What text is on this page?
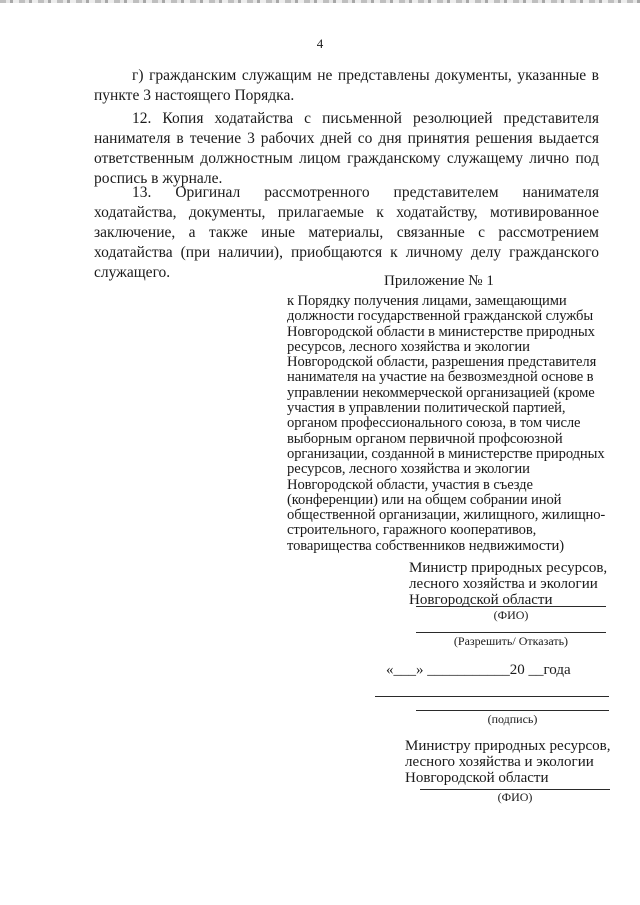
4

г) гражданским служащим не представлены документы, указанные в пункте 3 настоящего Порядка.

12. Копия ходатайства с письменной резолюцией представителя нанимателя в течение 3 рабочих дней со дня принятия решения выдается ответственным должностным лицом гражданскому служащему лично под роспись в журнале.

13. Оригинал рассмотренного представителем нанимателя ходатайства, документы, прилагаемые к ходатайству, мотивированное заключение, а также иные материалы, связанные с рассмотрением ходатайства (при наличии), приобщаются к личному делу гражданского служащего.	Приложение № 1
к Порядку получения лицами, замещающими должности государственной гражданской службы Новгородской области в министерстве природных ресурсов, лесного хозяйства и экологии Новгородской области, разрешения представителя нанимателя на участие на безвозмездной основе в управлении некоммерческой организацией (кроме участия в управлении политической партией, органом профессионального союза, в том числе выборным органом первичной профсоюзной организации, созданной в министерстве природных ресурсов, лесного хозяйства и экологии Новгородской области, участия в съезде (конференции) или на общем собрании иной общественной организации, жилищного, жилищно-строительного, гаражного кооперативов, товарищества собственников недвижимости)
Министр природных ресурсов,
лесного хозяйства и экологии
Новгородской области
(ФИО)
(Разрешить/ Отказать)
«___» ___________20 __года
(подпись)
Министру природных ресурсов,
лесного хозяйства и экологии
Новгородской области
(ФИО)
